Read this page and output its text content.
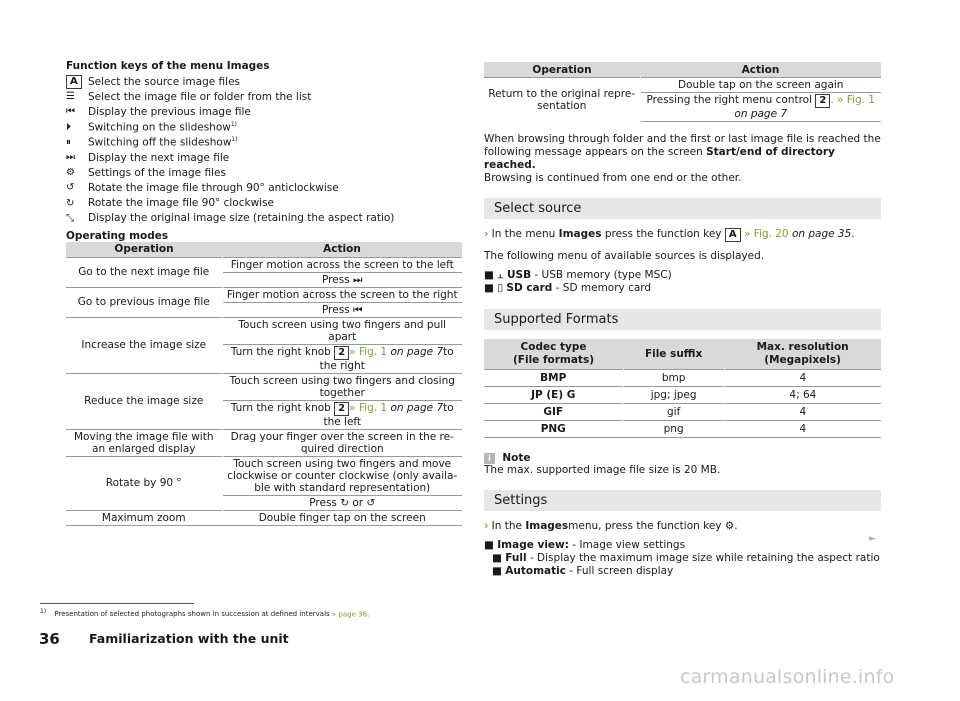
Function keys of the menu Images
A Select the source image files
☰	Select the image file or folder from the list
⏮	Display the previous image file
⏵	Switching on the slideshow$^{1)}$
⏸	Switching off the slideshow$^{1)}$
⏭	Display the next image file
⚙	Settings of the image files
↺	Rotate the image file through 90° anticlockwise
↻	Rotate the image file 90° clockwise
⤡	Display the original image size (retaining the aspect ratio)
Operating modes
Operation	Action
Go to the next image file	Finger motion across the screen to the left
	Press ⏭
Go to previous image file	Finger motion across the screen to the right
	Press ⏮
Increase the image size	Touch screen using two fingers and pull apart
	Turn the right knob 2 » Fig. 1 on page 7to the right
Reduce the image size	Touch screen using two fingers and closing together
	Turn the right knob 2 » Fig. 1 on page 7to the left
Moving the image file with an enlarged display	Drag your finger over the screen in the re-quired direction
Rotate by 90 °	Touch screen using two fingers and move clockwise or counter clockwise (only availa-ble with standard representation)
	Press ↻ or ↺
Maximum zoom	Double finger tap on the screen
Operation	Action
Return to the original repre-sentation	Double tap on the screen again
	Pressing the right menu control 2 . » Fig. 1
on page 7

When browsing through folder and the first or last image file is reached the following message appears on the screen Start/end of directory reached.
Browsing is continued from one end or the other.

Select source

› In the menu Images press the function key A » Fig. 20 on page 35.

The following menu of available sources is displayed.

■ ⫠ USB - USB memory (type MSC)

■ ▯ SD card - SD memory card

Supported Formats
Codec type
(File formats)	File suffix	Max. resolution
(Megapixels)
BMP	bmp	4
JP (E) G	jpg; jpeg	4; 64
GIF	gif	4
PNG	png	4
i Note

The max. supported image file size is 20 MB.

Settings

› In the Imagesmenu, press the function key ⚙.

■ Image view: - Image view settings

■ Full - Display the maximum image size while retaining the aspect ratio

■ Automatic - Full screen display

►
$^{1)}$ Presentation of selected photographs shown in succession at defined intervals » page 36.
36 Familiarization with the unit
carmanualsonline.info
